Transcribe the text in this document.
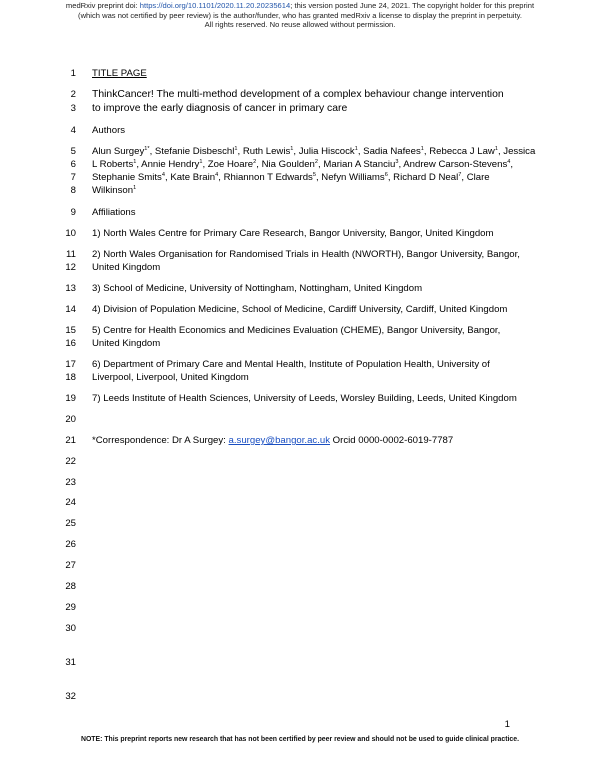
medRxiv preprint doi: https://doi.org/10.1101/2020.11.20.20235614; this version posted June 24, 2021. The copyright holder for this preprint
(which was not certified by peer review) is the author/funder, who has granted medRxiv a license to display the preprint in perpetuity.
All rights reserved. No reuse allowed without permission.
1 TITLE PAGE
2 ThinkCancer! The multi-method development of a complex behaviour change intervention
3 to improve the early diagnosis of cancer in primary care
4 Authors
5 Alun Surgey$^{1*}$, Stefanie Disbeschl$^1$, Ruth Lewis$^1$, Julia Hiscock$^1$, Sadia Nafees$^1$, Rebecca J Law$^1$, Jessica
6 L Roberts$^1$, Annie Hendry$^1$, Zoe Hoare$^2$, Nia Goulden$^2$, Marian A Stanciu$^3$, Andrew Carson-Stevens$^4$,
7 Stephanie Smits$^4$, Kate Brain$^4$, Rhiannon T Edwards$^5$, Nefyn Williams$^6$, Richard D Neal$^7$, Clare
8 Wilkinson$^1$
9 Affiliations
10 1) North Wales Centre for Primary Care Research, Bangor University, Bangor, United Kingdom
11 2) North Wales Organisation for Randomised Trials in Health (NWORTH), Bangor University, Bangor,
12 United Kingdom
13 3) School of Medicine, University of Nottingham, Nottingham, United Kingdom
14 4) Division of Population Medicine, School of Medicine, Cardiff University, Cardiff, United Kingdom
15 5) Centre for Health Economics and Medicines Evaluation (CHEME), Bangor University, Bangor,
16 United Kingdom
17 6) Department of Primary Care and Mental Health, Institute of Population Health, University of
18 Liverpool, Liverpool, United Kingdom
19 7) Leeds Institute of Health Sciences, University of Leeds, Worsley Building, Leeds, United Kingdom
20
21 *Correspondence: Dr A Surgey: a.surgey@bangor.ac.uk Orcid 0000-0002-6019-7787
22
23
24
25
26
27
28
29
30
31
32
1
NOTE: This preprint reports new research that has not been certified by peer review and should not be used to guide clinical practice.
